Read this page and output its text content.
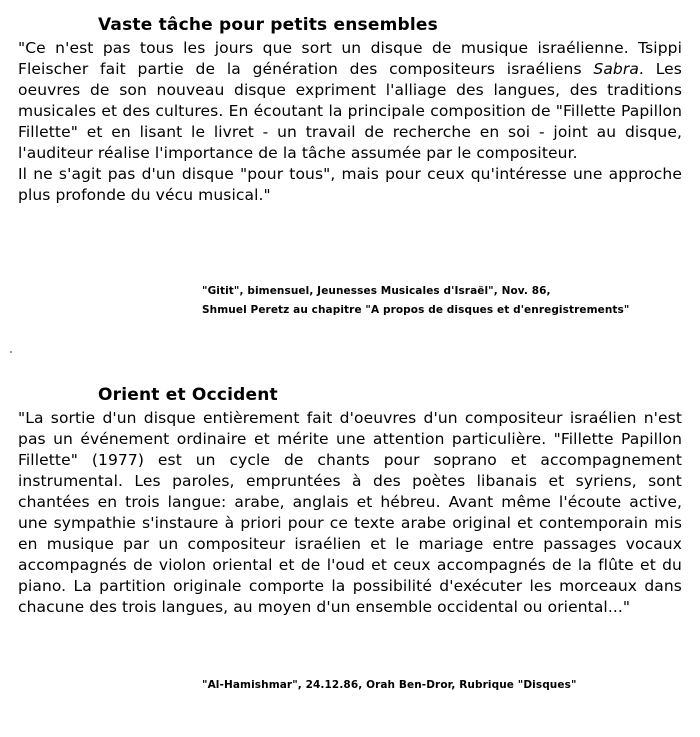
Vaste tâche pour petits ensembles

"Ce n'est pas tous les jours que sort un disque de musique israélienne. Tsippi Fleischer fait partie de la génération des compositeurs israéliens Sabra. Les oeuvres de son nouveau disque expriment l'alliage des langues, des traditions musicales et des cultures. En écoutant la principale composition de "Fillette Papillon Fillette" et en lisant le livret - un travail de recherche en soi - joint au disque, l'auditeur réalise l'importance de la tâche assumée par le compositeur.

Il ne s'agit pas d'un disque "pour tous", mais pour ceux qu'intéresse une approche plus profonde du vécu musical."

"Gitit", bimensuel, Jeunesses Musicales d'Israël", Nov. 86,
Shmuel Peretz au chapitre "A propos de disques et d'enregistrements"
Orient et Occident

"La sortie d'un disque entièrement fait d'oeuvres d'un compositeur israélien n'est pas un événement ordinaire et mérite une attention particulière. "Fillette Papillon Fillette" (1977) est un cycle de chants pour soprano et accompagnement instrumental. Les paroles, empruntées à des poètes libanais et syriens, sont chantées en trois langue: arabe, anglais et hébreu. Avant même l'écoute active, une sympathie s'instaure à priori pour ce texte arabe original et contemporain mis en musique par un compositeur israélien et le mariage entre passages vocaux accompagnés de violon oriental et de l'oud et ceux accompagnés de la flûte et du piano. La partition originale comporte la possibilité d'exécuter les morceaux dans chacune des trois langues, au moyen d'un ensemble occidental ou oriental..."

"Al-Hamishmar", 24.12.86, Orah Ben-Dror, Rubrique "Disques"
